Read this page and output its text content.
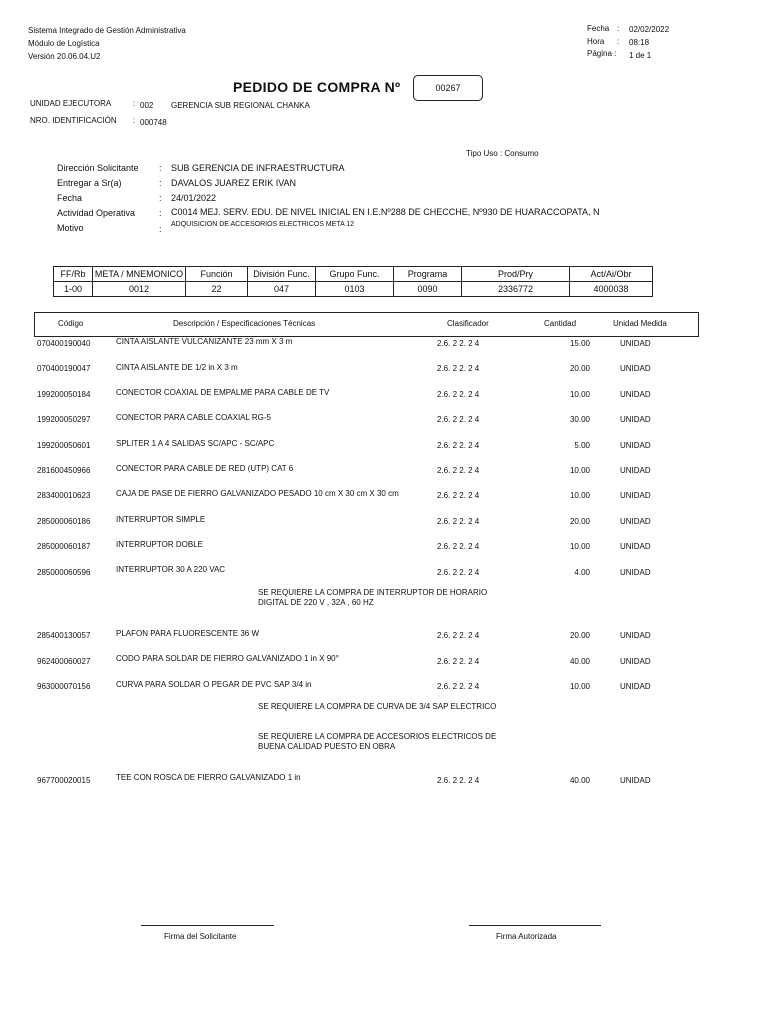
Sistema Integrado de Gestión Administrativa
Módulo de Logística
Versión 20.06.04.U2
Fecha : 02/02/2022
Hora : 08:18
Página : 1 de 1
PEDIDO DE COMPRA Nº	00267
UNIDAD EJECUTORA	: 002 GERENCIA SUB REGIONAL CHANKA
NRO. IDENTIFICACIÓN : 000748
Tipo Uso : Consumo
Dirección Solicitante : SUB GERENCIA DE INFRAESTRUCTURA
Entregar a Sr(a)	: DAVALOS JUAREZ ERIK IVAN
Fecha	: 24/01/2022
Actividad Operativa	: C0014 MEJ. SERV. EDU. DE NIVEL INICIAL EN I.E.Nº288 DE CHECCHE, Nº930 DE HUARACCOPATA, N
Motivo	: ADQUISICION DE ACCESORIOS ELECTRICOS META 12
FF/Rb	META / MNEMONICO	Función	División Func.	Grupo Func.	Programa	Prod/Pry	Act/Ai/Obr
1-00	0012	22	047	0103	0090	2336772	4000038
Código	Descripción / Especificaciones Técnicas	Clasificador	Cantidad	Unidad Medida
070400190040	CINTA AISLANTE VULCANIZANTE 23 mm X 3 m	2.6. 2 2. 2 4	15.00	UNIDAD
070400190047	CINTA AISLANTE DE 1/2 in X 3 m	2.6. 2 2. 2 4	20.00	UNIDAD
199200050184	CONECTOR COAXIAL DE EMPALME PARA CABLE DE TV	2.6. 2 2. 2 4	10.00	UNIDAD
199200050297	CONECTOR PARA CABLE COAXIAL RG-5	2.6. 2 2. 2 4	30.00	UNIDAD
199200050601	SPLITER 1 A 4 SALIDAS SC/APC - SC/APC	2.6. 2 2. 2 4	5.00	UNIDAD
281600450966	CONECTOR PARA CABLE DE RED (UTP) CAT 6	2.6. 2 2. 2 4	10.00	UNIDAD
283400010623	CAJA DE PASE DE FIERRO GALVANIZADO PESADO 10 cm X 30 cm X 30 cm	2.6. 2 2. 2 4	10.00	UNIDAD
285000060186	INTERRUPTOR SIMPLE	2.6. 2 2. 2 4	20.00	UNIDAD
285000060187	INTERRUPTOR DOBLE	2.6. 2 2. 2 4	10.00	UNIDAD
285000060596	INTERRUPTOR 30 A 220 VAC	2.6. 2 2. 2 4	4.00	UNIDAD
SE REQUIERE LA COMPRA DE INTERRUPTOR DE HORARIO
DIGITAL DE 220 V , 32A , 60 HZ
285400130057	PLAFON PARA FLUORESCENTE 36 W	2.6. 2 2. 2 4	20.00	UNIDAD
962400060027	CODO PARA SOLDAR DE FIERRO GALVANIZADO 1 in X 90°	2.6. 2 2. 2 4	40.00	UNIDAD
963000070156	CURVA PARA SOLDAR O PEGAR DE PVC SAP 3/4 in	2.6. 2 2. 2 4	10.00	UNIDAD
SE REQUIERE LA COMPRA DE CURVA DE 3/4 SAP ELECTRICO
SE REQUIERE LA COMPRA DE ACCESORIOS ELECTRICOS DE
BUENA CALIDAD PUESTO EN OBRA
967700020015	TEE CON ROSCA DE FIERRO GALVANIZADO 1 in	2.6. 2 2. 2 4	40.00	UNIDAD
Firma del Solicitante	Firma Autorizada
